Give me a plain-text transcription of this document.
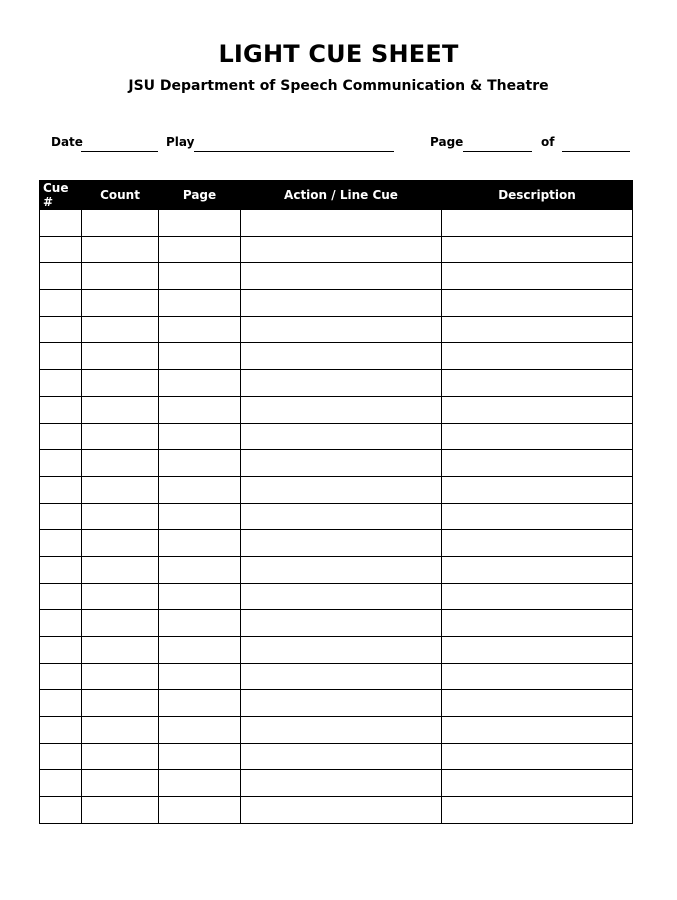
LIGHT CUE SHEET
JSU Department of Speech Communication & Theatre
Date	Play	Page	of
Cue #	Count	Page	Action / Line Cue	Description
